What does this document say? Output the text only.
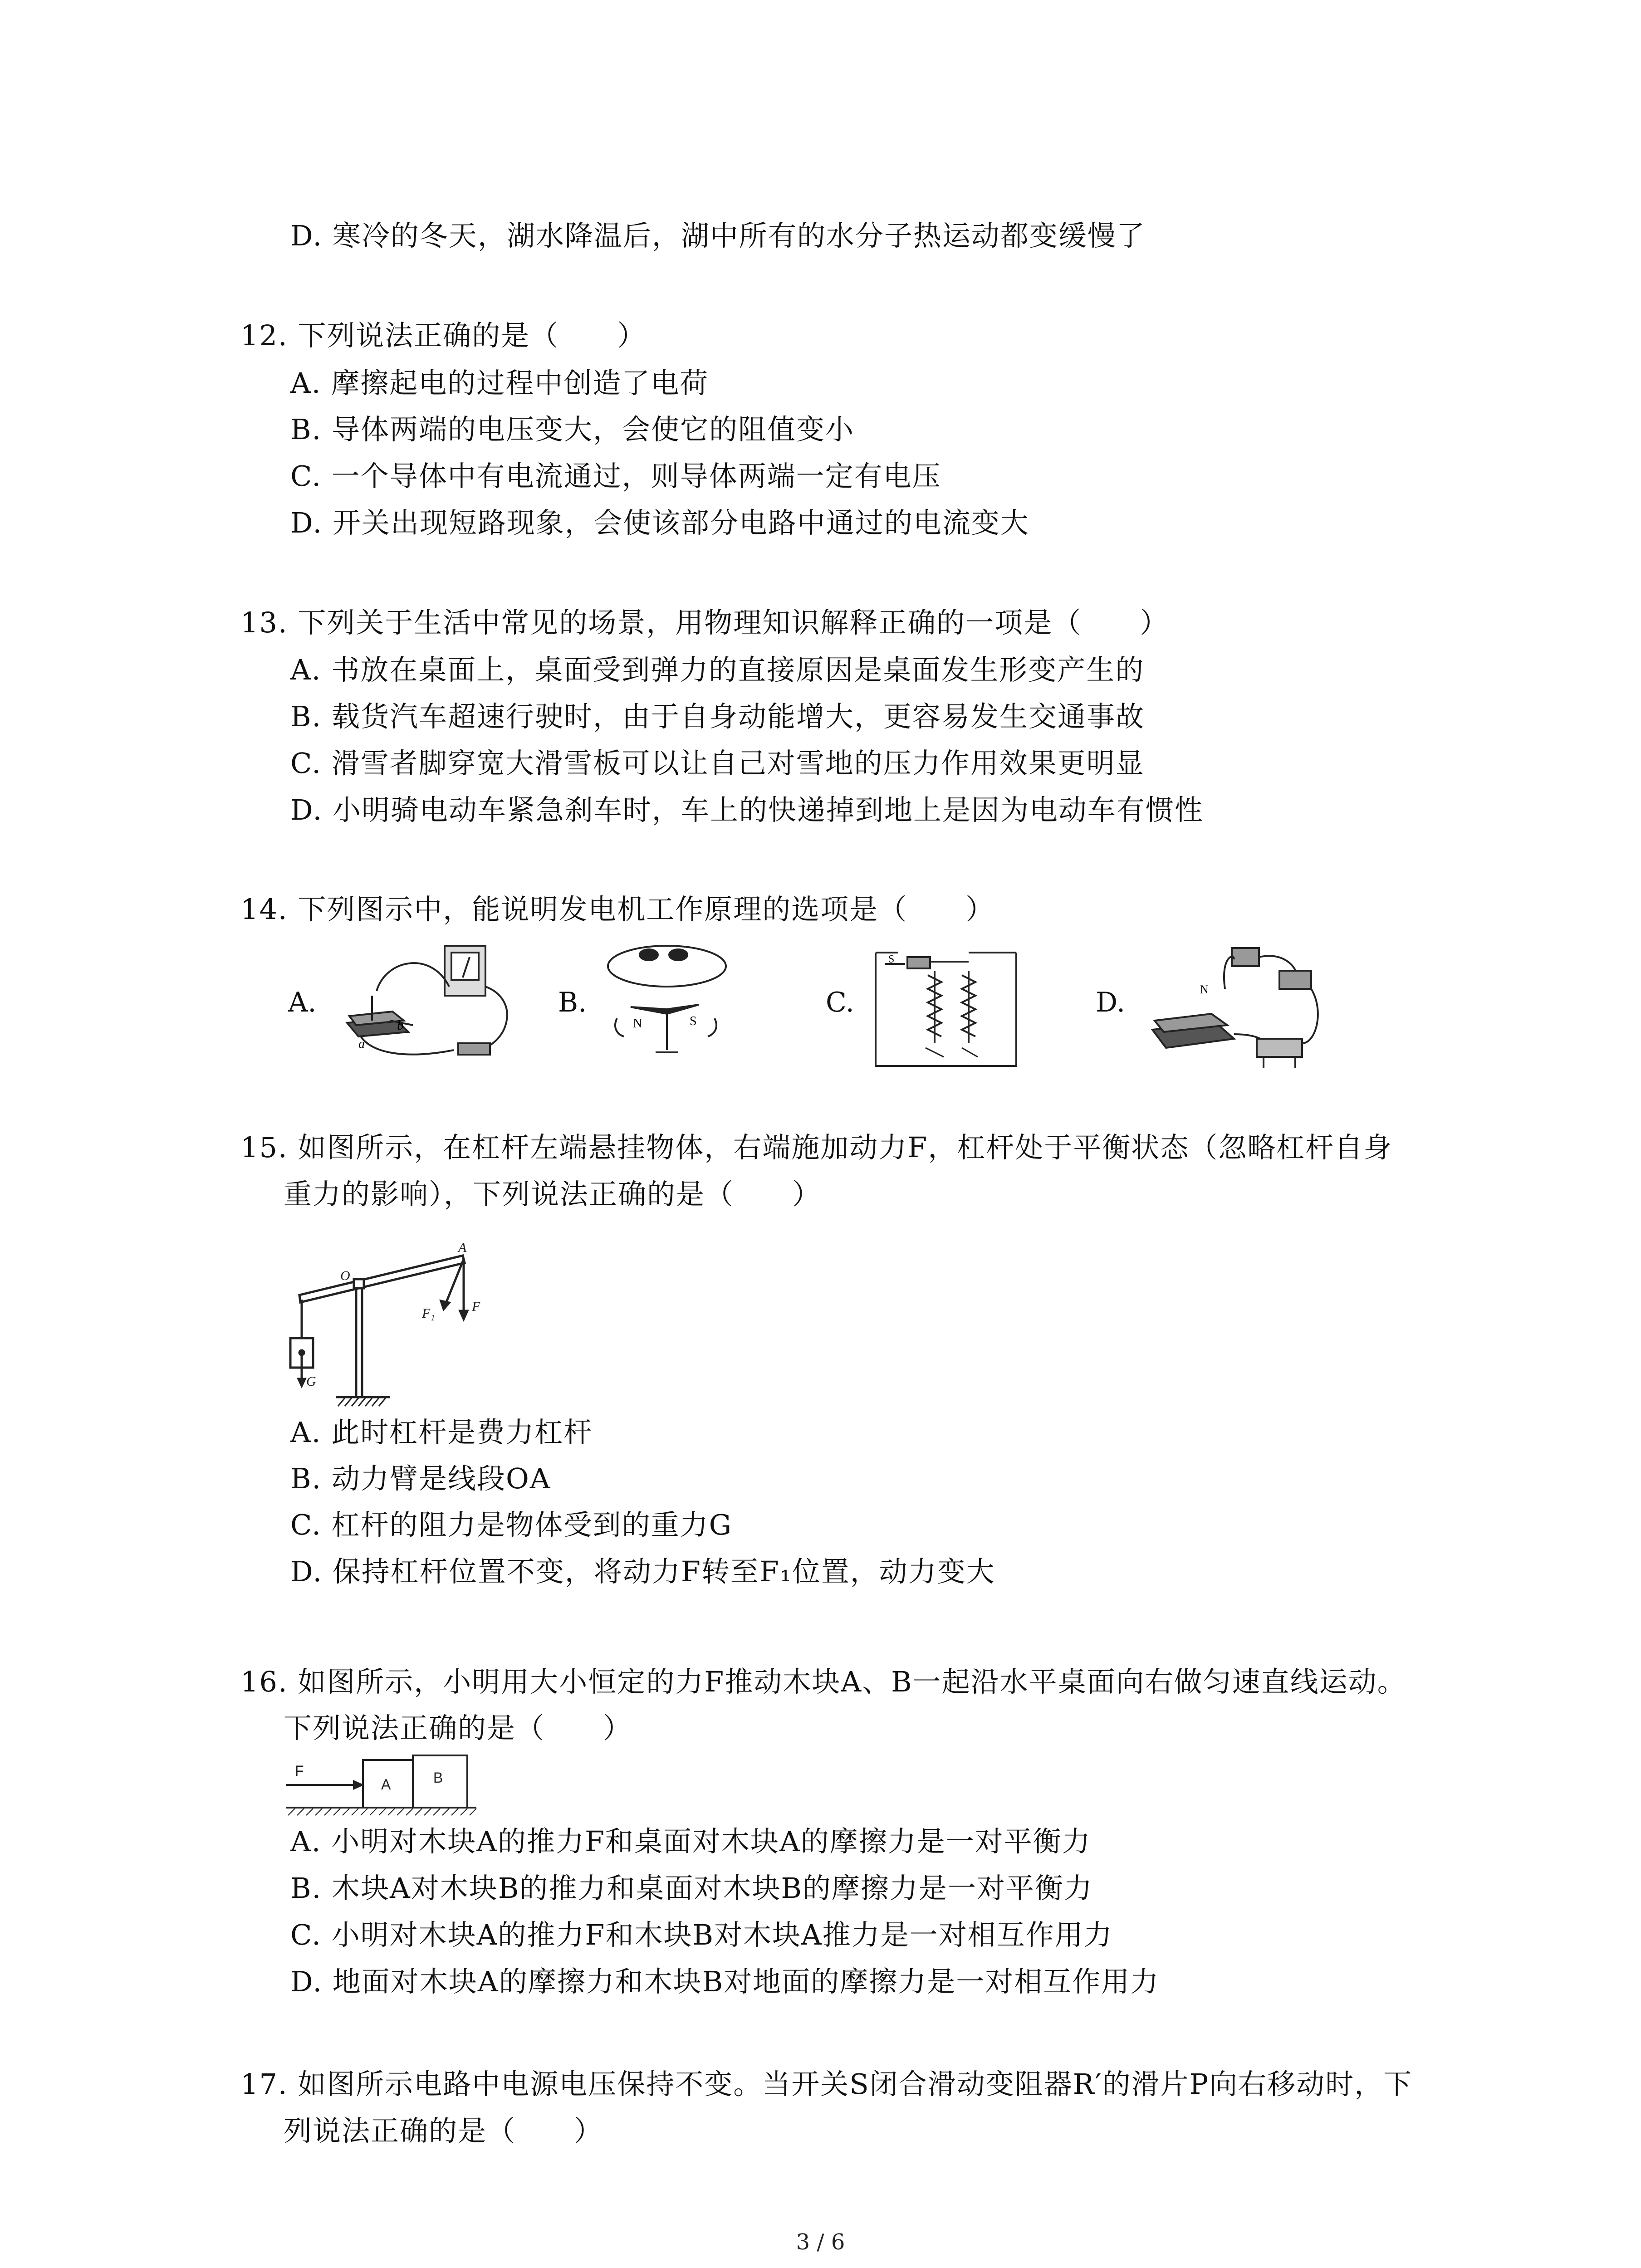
D. 寒冷的冬天，湖水降温后，湖中所有的水分子热运动都变缓慢了
12. 下列说法正确的是（　　）
A. 摩擦起电的过程中创造了电荷
B. 导体两端的电压变大，会使它的阻值变小
C. 一个导体中有电流通过，则导体两端一定有电压
D. 开关出现短路现象，会使该部分电路中通过的电流变大
13. 下列关于生活中常见的场景，用物理知识解释正确的一项是（　　）
A. 书放在桌面上，桌面受到弹力的直接原因是桌面发生形变产生的
B. 载货汽车超速行驶时，由于自身动能增大，更容易发生交通事故
C. 滑雪者脚穿宽大滑雪板可以让自己对雪地的压力作用效果更明显
D. 小明骑电动车紧急刹车时，车上的快递掉到地上是因为电动车有惯性
14. 下列图示中，能说明发电机工作原理的选项是（　　）
A.	B.	C.	D.
b
a
N	S
S
N
15. 如图所示，在杠杆左端悬挂物体，右端施加动力F，杠杆处于平衡状态（忽略杠杆自身
重力的影响），下列说法正确的是（　　）
A
O
F₁	F
G
A. 此时杠杆是费力杠杆
B. 动力臂是线段OA
C. 杠杆的阻力是物体受到的重力G
D. 保持杠杆位置不变，将动力F转至F₁位置，动力变大
16. 如图所示，小明用大小恒定的力F推动木块A、B一起沿水平桌面向右做匀速直线运动。
下列说法正确的是（　　）
F
A	B
A. 小明对木块A的推力F和桌面对木块A的摩擦力是一对平衡力
B. 木块A对木块B的推力和桌面对木块B的摩擦力是一对平衡力
C. 小明对木块A的推力F和木块B对木块A推力是一对相互作用力
D. 地面对木块A的摩擦力和木块B对地面的摩擦力是一对相互作用力
17. 如图所示电路中电源电压保持不变。当开关S闭合滑动变阻器R′的滑片P向右移动时，下
列说法正确的是（　　）
3 / 6
